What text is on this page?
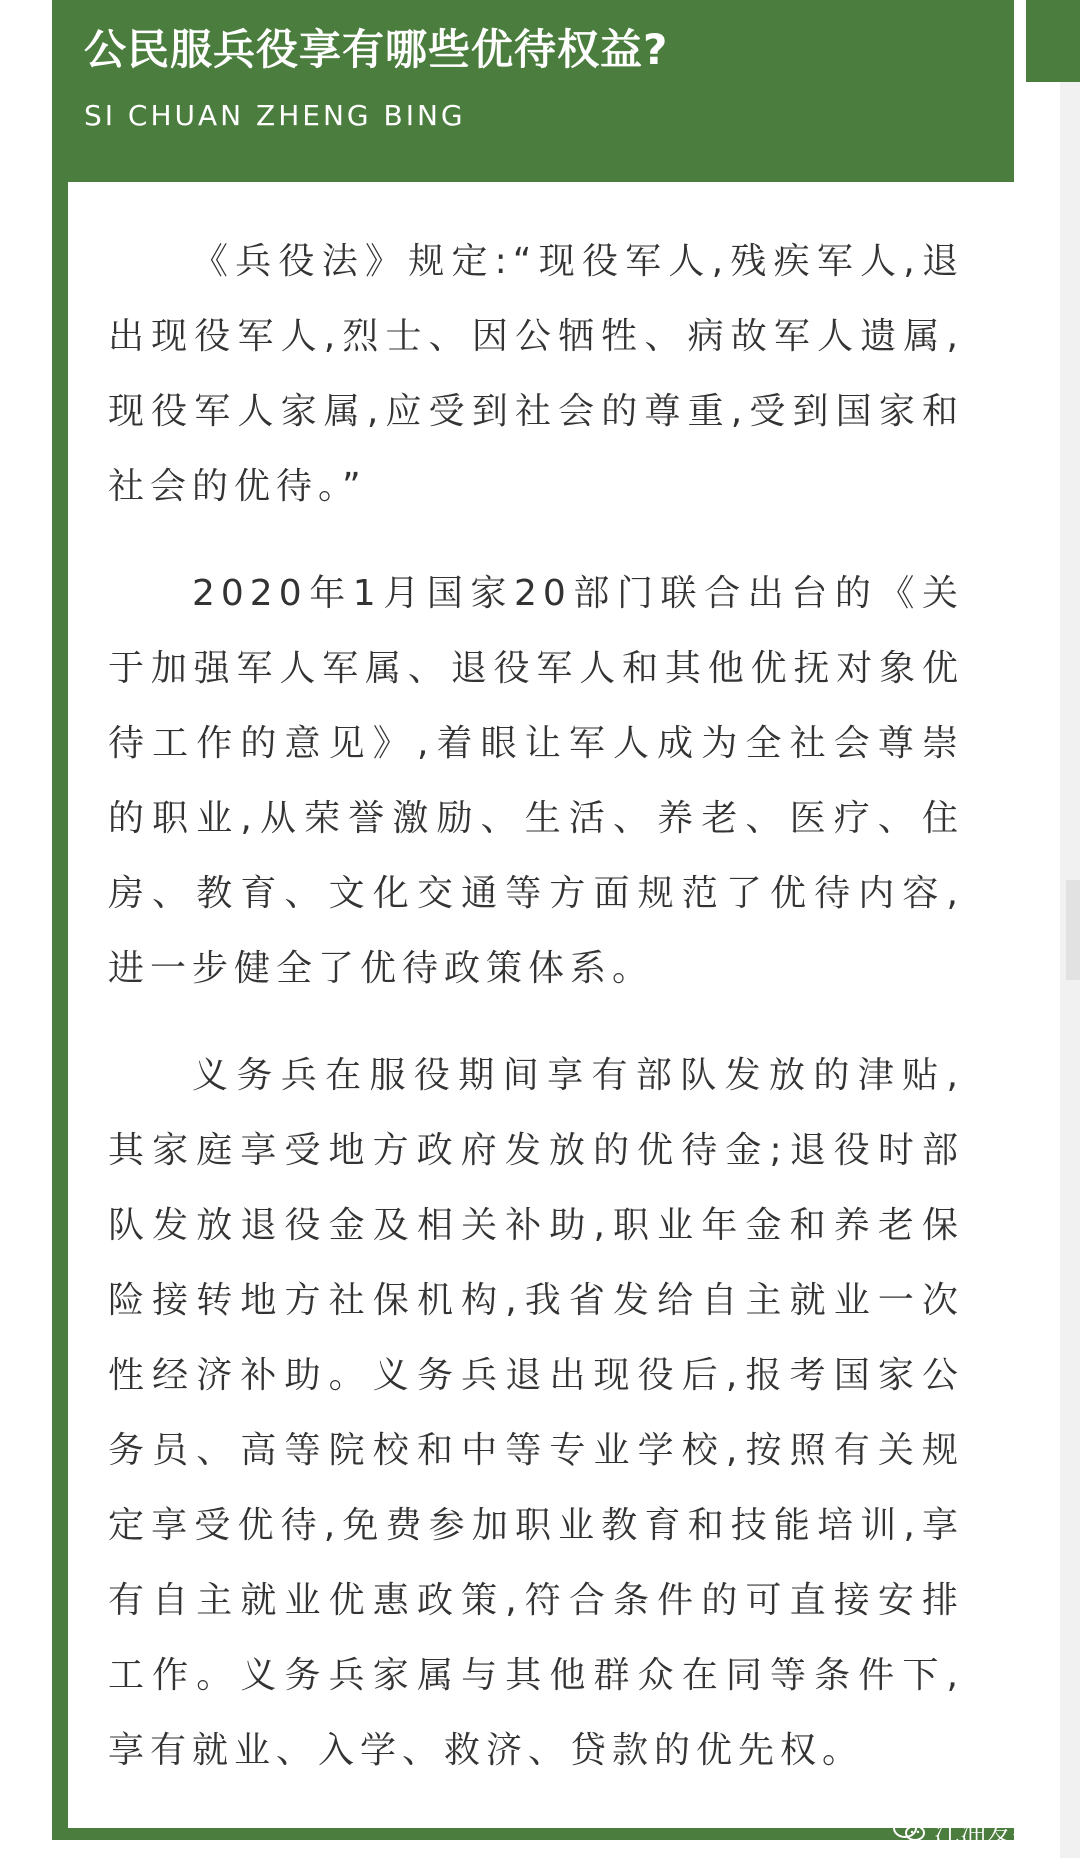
公民服兵役享有哪些优待权益?
SI CHUAN ZHENG BING

《兵役法》规定:“现役军人,残疾军人,退出现役军人,烈士、因公牺牲、病故军人遗属,现役军人家属,应受到社会的尊重,受到国家和社会的优待。”

2020年1月国家20部门联合出台的《关于加强军人军属、退役军人和其他优抚对象优待工作的意见》,着眼让军人成为全社会尊崇的职业,从荣誉激励、生活、养老、医疗、住房、教育、文化交通等方面规范了优待内容,进一步健全了优待政策体系。

义务兵在服役期间享有部队发放的津贴,其家庭享受地方政府发放的优待金;退役时部队发放退役金及相关补助,职业年金和养老保险接转地方社保机构,我省发给自主就业一次性经济补助。义务兵退出现役后,报考国家公务员、高等院校和中等专业学校,按照有关规定享受优待,免费参加职业教育和技能培训,享有自主就业优惠政策,符合条件的可直接安排工作。义务兵家属与其他群众在同等条件下,享有就业、入学、救济、贷款的优先权。

江油发布
